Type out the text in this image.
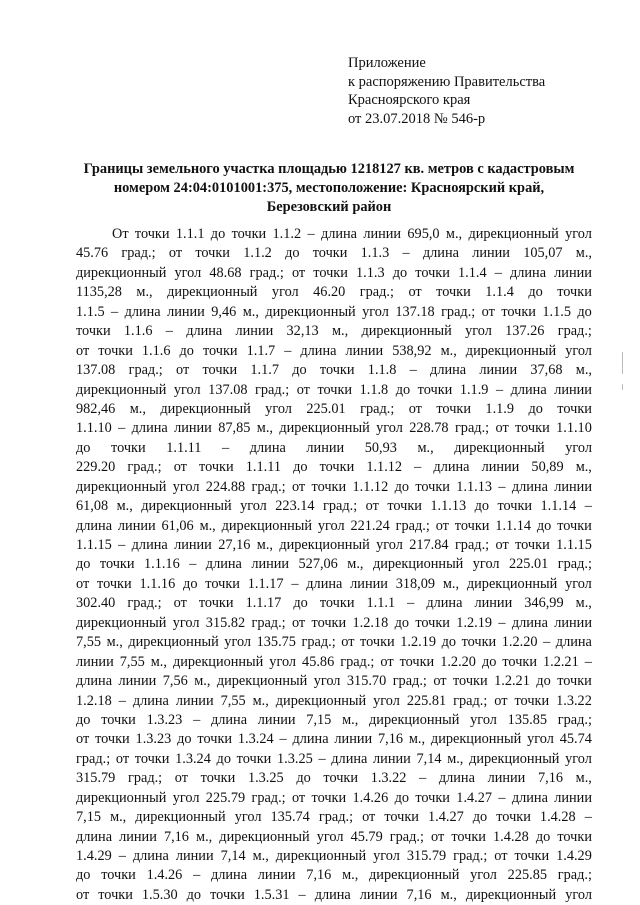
Приложение
к распоряжению Правительства
Красноярского края
от 23.07.2018 № 546-р
Границы земельного участка площадью 1218127 кв. метров с кадастровым
номером 24:04:0101001:375, местоположение: Красноярский край,
Березовский район
От точки 1.1.1 до точки 1.1.2 – длина линии 695,0 м., дирекционный угол
45.76 град.; от точки 1.1.2 до точки 1.1.3 – длина линии 105,07 м.,
дирекционный угол 48.68 град.; от точки 1.1.3 до точки 1.1.4 – длина линии
1135,28 м., дирекционный угол 46.20 град.; от точки 1.1.4 до точки
1.1.5 – длина линии 9,46 м., дирекционный угол 137.18 град.; от точки 1.1.5 до
точки 1.1.6 – длина линии 32,13 м., дирекционный угол 137.26 град.;
от точки 1.1.6 до точки 1.1.7 – длина линии 538,92 м., дирекционный угол
137.08 град.; от точки 1.1.7 до точки 1.1.8 – длина линии 37,68 м.,
дирекционный угол 137.08 град.; от точки 1.1.8 до точки 1.1.9 – длина линии
982,46 м., дирекционный угол 225.01 град.; от точки 1.1.9 до точки
1.1.10 – длина линии 87,85 м., дирекционный угол 228.78 град.; от точки 1.1.10
до точки 1.1.11 – длина линии 50,93 м., дирекционный угол
229.20 град.; от точки 1.1.11 до точки 1.1.12 – длина линии 50,89 м.,
дирекционный угол 224.88 град.; от точки 1.1.12 до точки 1.1.13 – длина линии
61,08 м., дирекционный угол 223.14 град.; от точки 1.1.13 до точки 1.1.14 –
длина линии 61,06 м., дирекционный угол 221.24 град.; от точки 1.1.14 до точки
1.1.15 – длина линии 27,16 м., дирекционный угол 217.84 град.; от точки 1.1.15
до точки 1.1.16 – длина линии 527,06 м., дирекционный угол 225.01 град.;
от точки 1.1.16 до точки 1.1.17 – длина линии 318,09 м., дирекционный угол
302.40 град.; от точки 1.1.17 до точки 1.1.1 – длина линии 346,99 м.,
дирекционный угол 315.82 град.; от точки 1.2.18 до точки 1.2.19 – длина линии
7,55 м., дирекционный угол 135.75 град.; от точки 1.2.19 до точки 1.2.20 – длина
линии 7,55 м., дирекционный угол 45.86 град.; от точки 1.2.20 до точки 1.2.21 –
длина линии 7,56 м., дирекционный угол 315.70 град.; от точки 1.2.21 до точки
1.2.18 – длина линии 7,55 м., дирекционный угол 225.81 град.; от точки 1.3.22
до точки 1.3.23 – длина линии 7,15 м., дирекционный угол 135.85 град.;
от точки 1.3.23 до точки 1.3.24 – длина линии 7,16 м., дирекционный угол 45.74
град.; от точки 1.3.24 до точки 1.3.25 – длина линии 7,14 м., дирекционный угол
315.79 град.; от точки 1.3.25 до точки 1.3.22 – длина линии 7,16 м.,
дирекционный угол 225.79 град.; от точки 1.4.26 до точки 1.4.27 – длина линии
7,15 м., дирекционный угол 135.74 град.; от точки 1.4.27 до точки 1.4.28 –
длина линии 7,16 м., дирекционный угол 45.79 град.; от точки 1.4.28 до точки
1.4.29 – длина линии 7,14 м., дирекционный угол 315.79 град.; от точки 1.4.29
до точки 1.4.26 – длина линии 7,16 м., дирекционный угол 225.85 град.;
от точки 1.5.30 до точки 1.5.31 – длина линии 7,16 м., дирекционный угол
